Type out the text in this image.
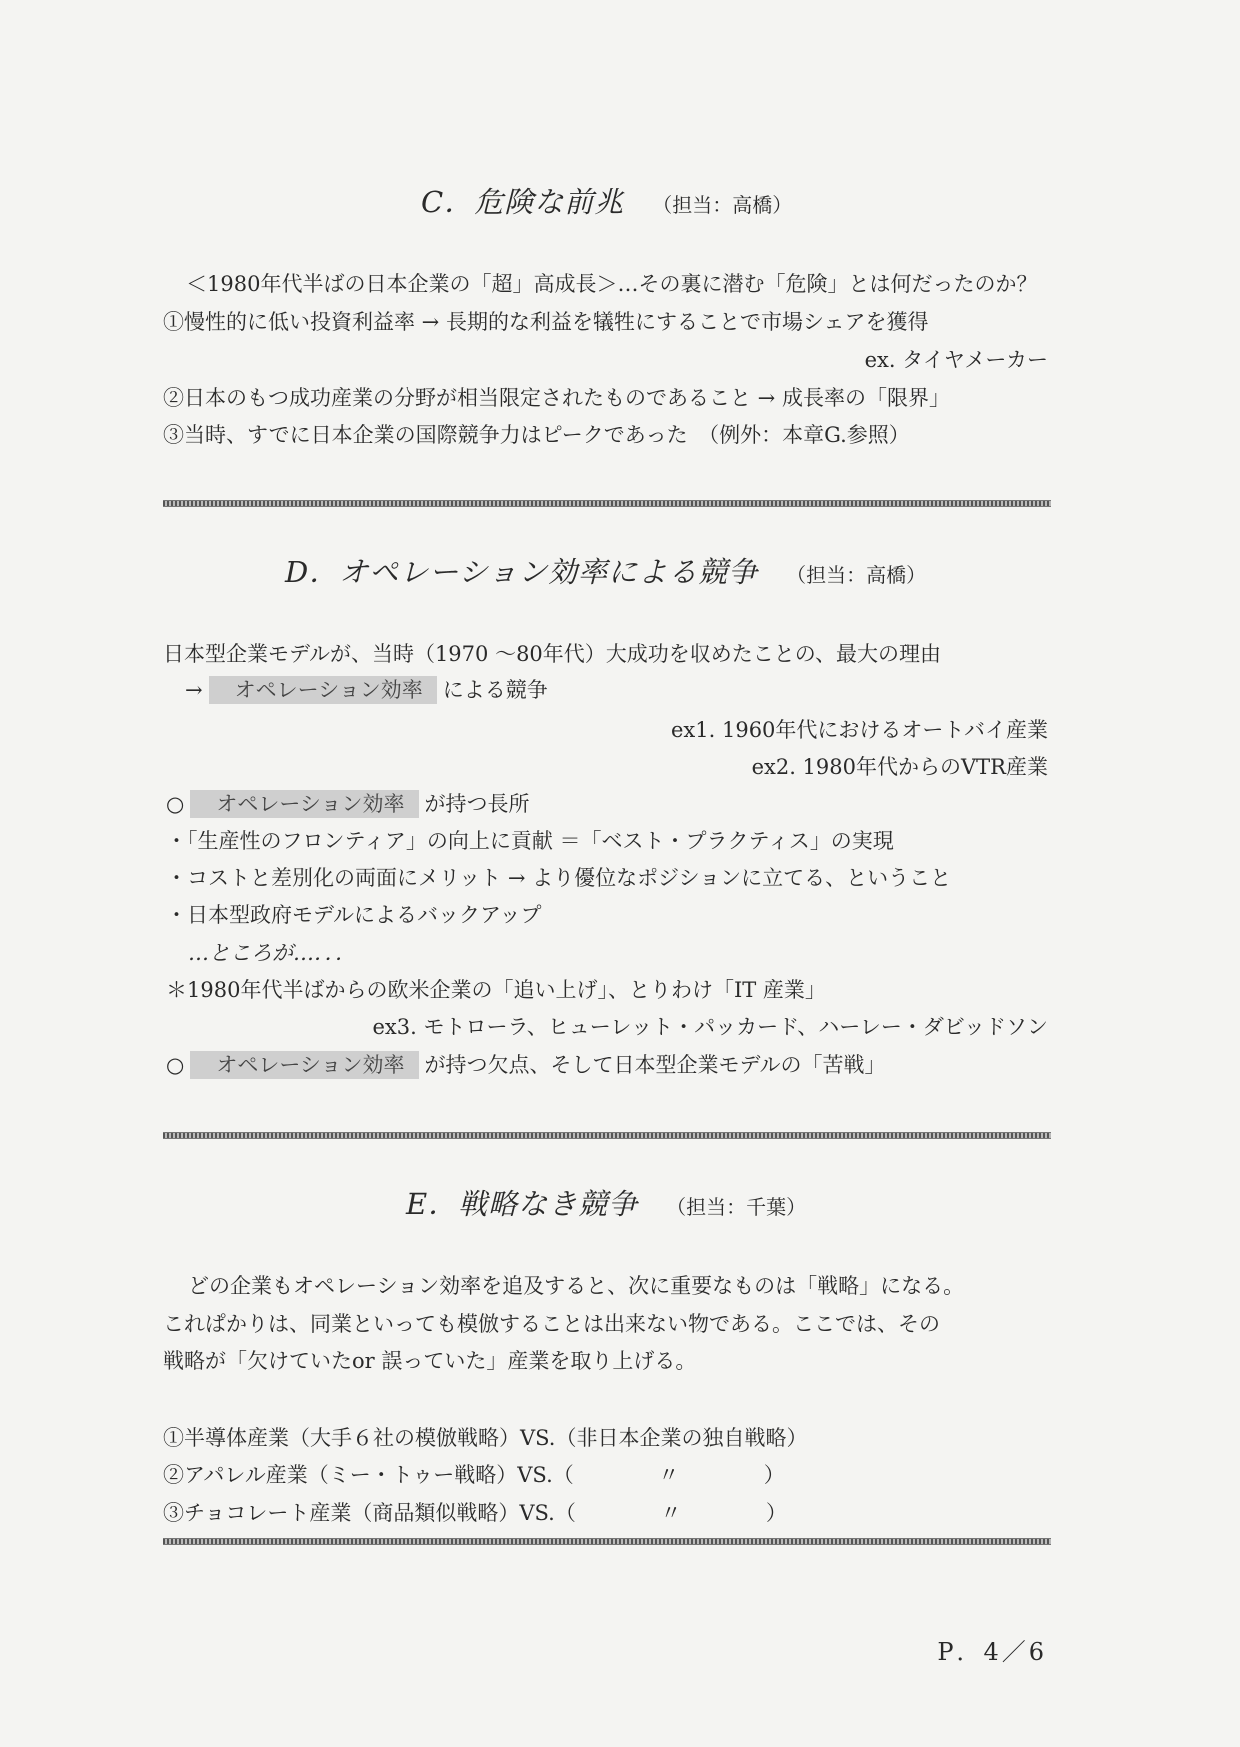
C．危険な前兆 （担当：高橋）
＜1980年代半ばの日本企業の「超」高成長＞…その裏に潜む「危険」とは何だったのか？
①慢性的に低い投資利益率 → 長期的な利益を犠牲にすることで市場シェアを獲得
ex. タイヤメーカー
②日本のもつ成功産業の分野が相当限定されたものであること → 成長率の「限界」
③当時、すでに日本企業の国際競争力はピークであった　（例外：本章G.参照）
D．オペレーション効率による競争 （担当：高橋）
日本型企業モデルが、当時（1970 ～80年代）大成功を収めたことの、最大の理由
→ オペレーション効率 による競争
ex1. 1960年代におけるオートバイ産業
ex2. 1980年代からのVTR産業
○ オペレーション効率 が持つ長所
・「生産性のフロンティア」の向上に貢献 ＝「ベスト・プラクティス」の実現
・コストと差別化の両面にメリット → より優位なポジションに立てる、ということ
・日本型政府モデルによるバックアップ
…ところが…．．．
＊1980年代半ばからの欧米企業の「追い上げ」、とりわけ「IT 産業」
ex3. モトローラ、ヒューレット・パッカード、ハーレー・ダビッドソン
○ オペレーション効率 が持つ欠点、そして日本型企業モデルの「苦戦」
E．戦略なき競争 （担当：千葉）
どの企業もオペレーション効率を追及すると、次に重要なものは「戦略」になる。
これぱかりは、同業といっても模倣することは出来ない物である。ここでは、その
戦略が「欠けていたor 誤っていた」産業を取り上げる。
①半導体産業（大手６社の模倣戦略）VS.（非日本企業の独自戦略）
②アパレル産業（ミー・トゥー戦略）VS.（	〃	）
③チョコレート産業（商品類似戦略）VS.（	〃	）
P．4／6
